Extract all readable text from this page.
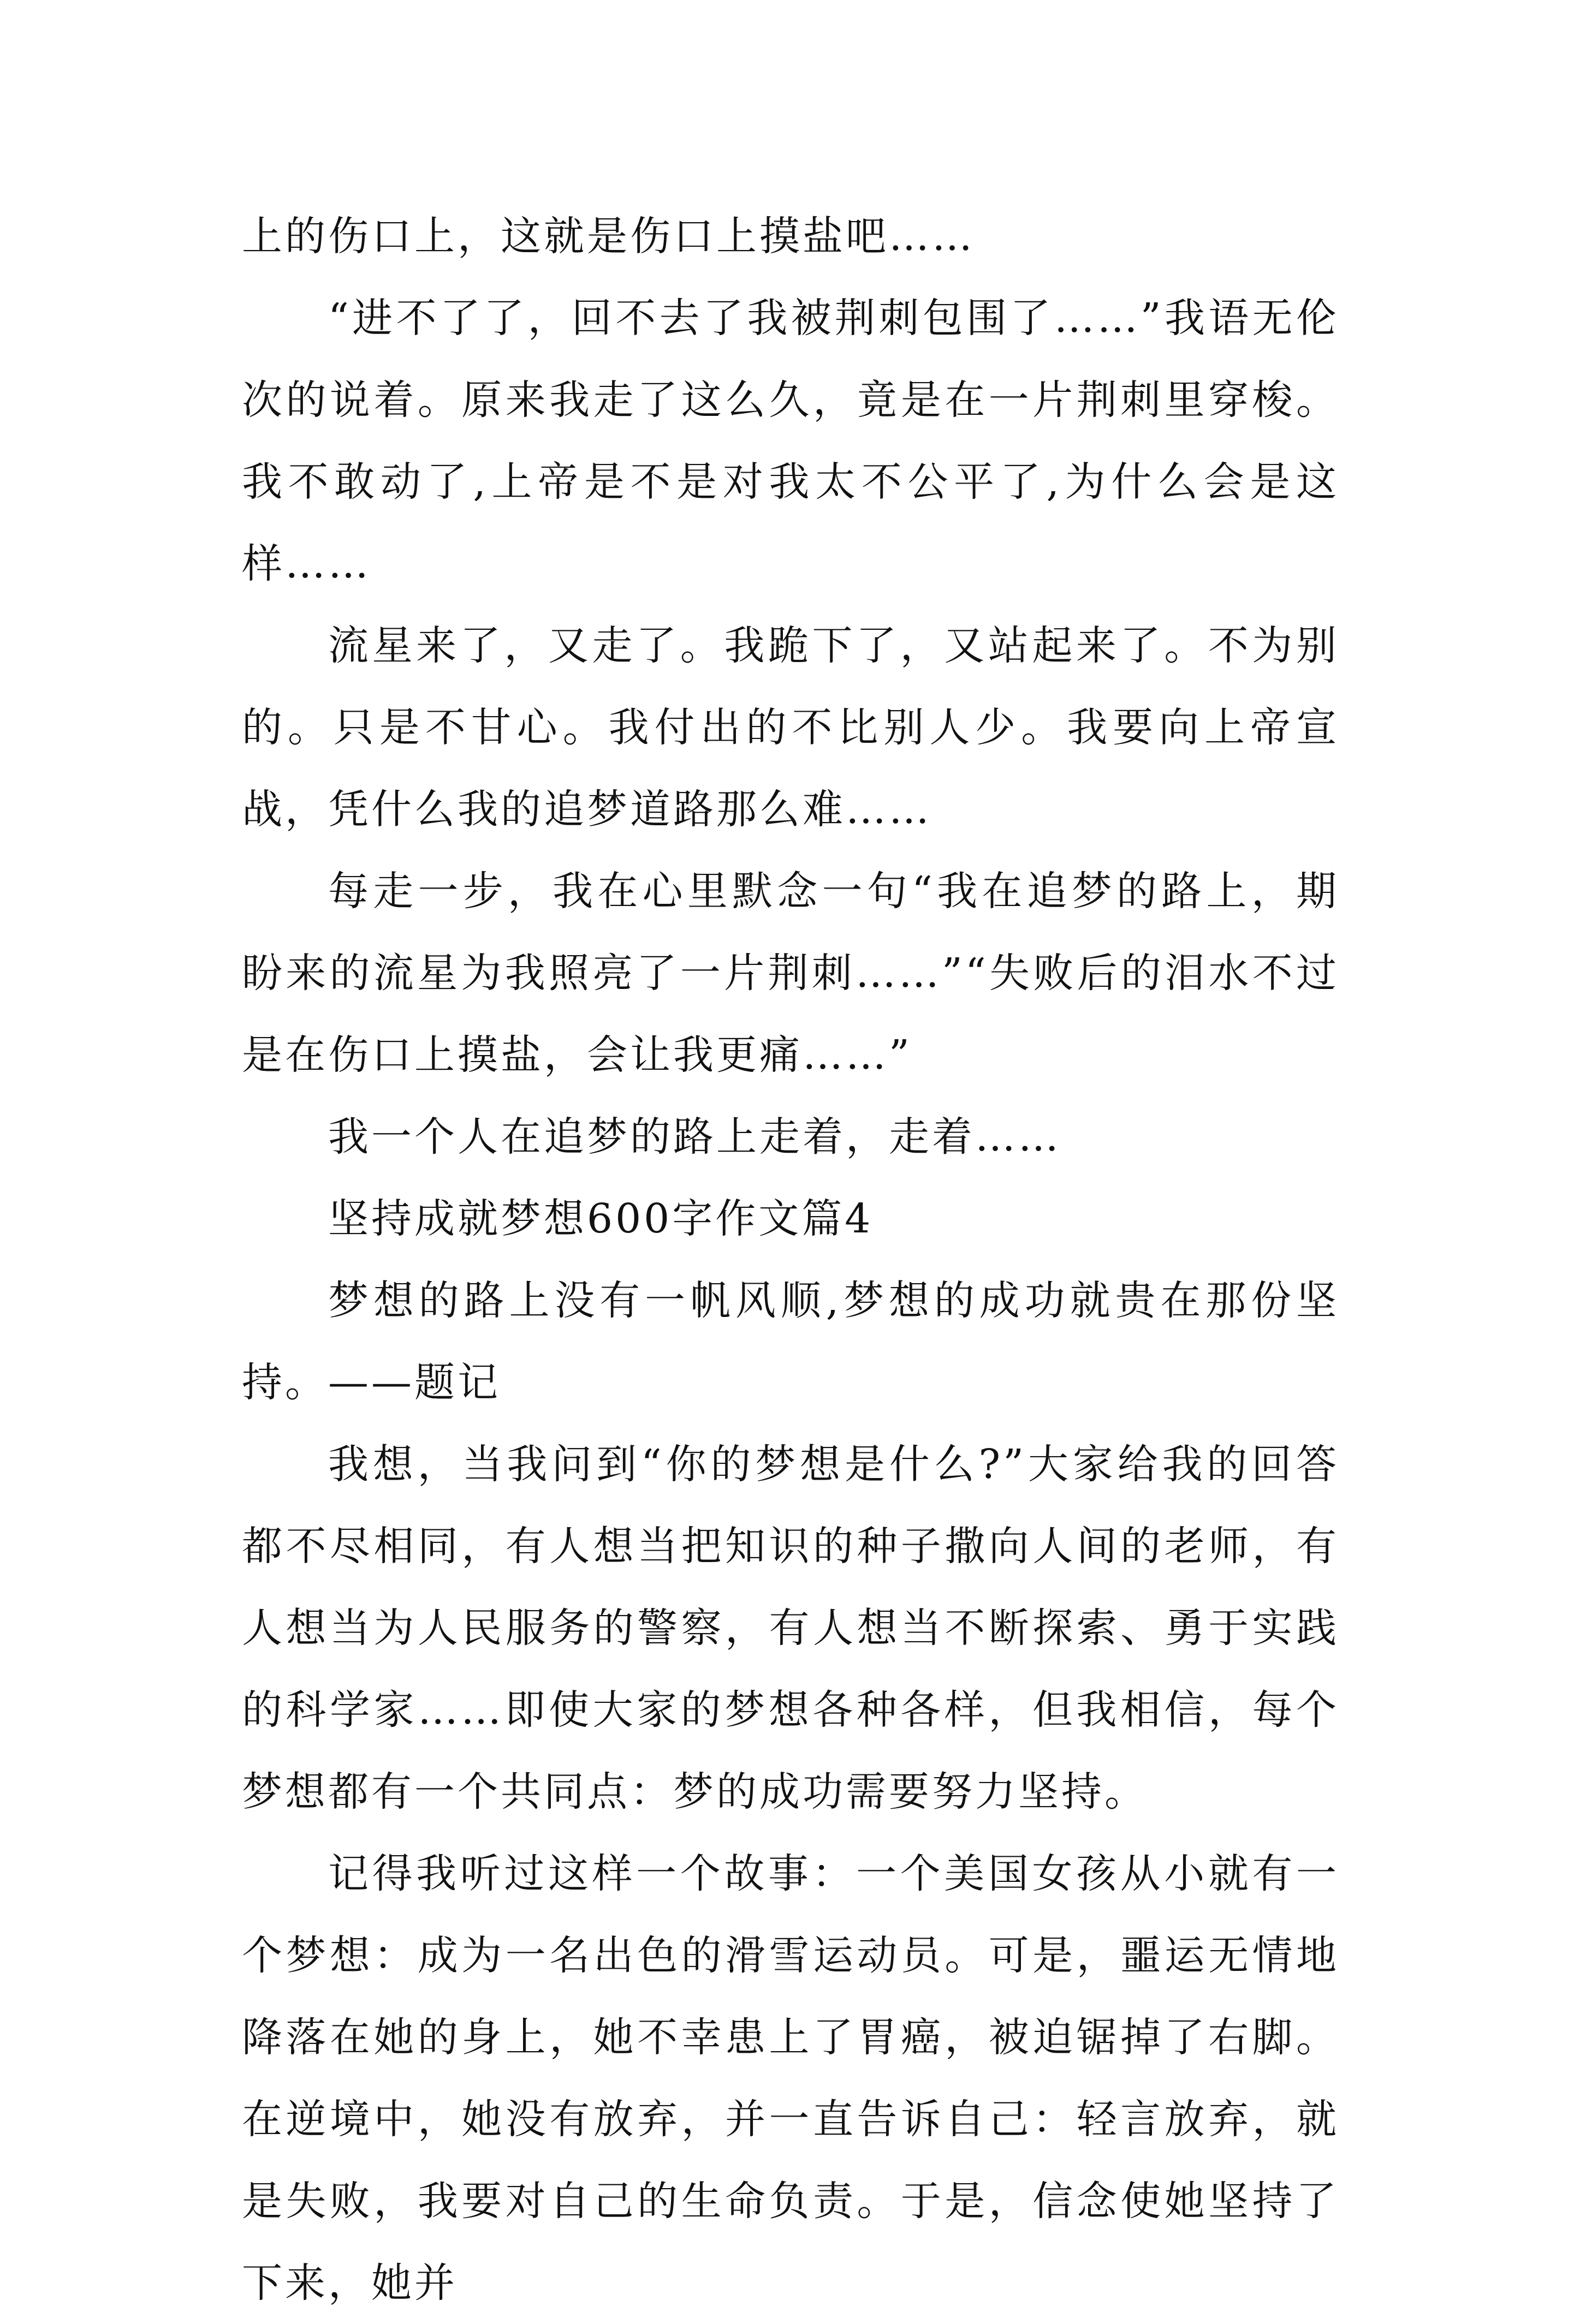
上的伤口上，这就是伤口上摸盐吧……

“进不了了，回不去了我被荆刺包围了……”我语无伦次的说着。原来我走了这么久，竟是在一片荆刺里穿梭。我不敢动了,上帝是不是对我太不公平了,为什么会是这样……

流星来了，又走了。我跪下了，又站起来了。不为别的。只是不甘心。我付出的不比别人少。我要向上帝宣战，凭什么我的追梦道路那么难……

每走一步，我在心里默念一句“我在追梦的路上，期盼来的流星为我照亮了一片荆刺……”“失败后的泪水不过是在伤口上摸盐，会让我更痛……”

我一个人在追梦的路上走着，走着……

坚持成就梦想600字作文篇4

梦想的路上没有一帆风顺,梦想的成功就贵在那份坚持。——题记

我想，当我问到“你的梦想是什么?”大家给我的回答都不尽相同，有人想当把知识的种子撒向人间的老师，有人想当为人民服务的警察，有人想当不断探索、勇于实践的科学家……即使大家的梦想各种各样，但我相信，每个梦想都有一个共同点：梦的成功需要努力坚持。

记得我听过这样一个故事：一个美国女孩从小就有一个梦想：成为一名出色的滑雪运动员。可是，噩运无情地降落在她的身上，她不幸患上了胃癌，被迫锯掉了右脚。在逆境中，她没有放弃，并一直告诉自己：轻言放弃，就是失败，我要对自己的生命负责。于是，信念使她坚持了下来，她并
